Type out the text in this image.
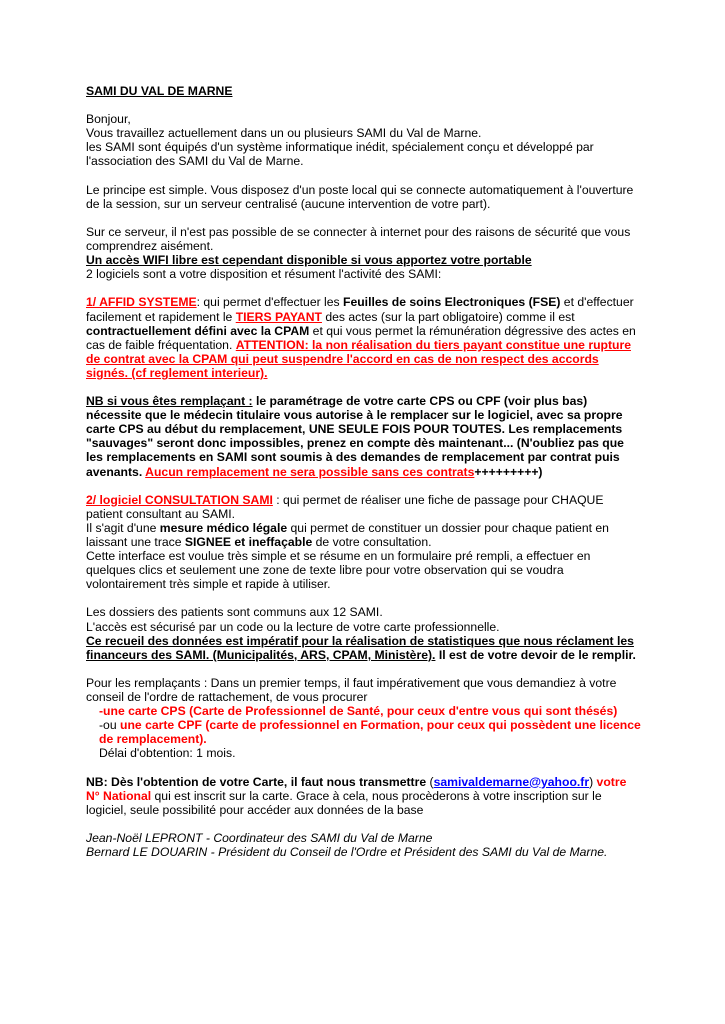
SAMI DU VAL DE MARNE

Bonjour,

Vous travaillez actuellement dans un ou plusieurs SAMI du Val de Marne.

les SAMI sont équipés d'un système informatique inédit, spécialement conçu et développé par l'association des SAMI du Val de Marne.

Le principe est simple. Vous disposez d'un poste local qui se connecte automatiquement à l'ouverture de la session, sur un serveur centralisé (aucune intervention de votre part).

Sur ce serveur, il n'est pas possible de se connecter à internet pour des raisons de sécurité que vous comprendrez aisément.

Un accès WIFI libre est cependant disponible si vous apportez votre portable

2 logiciels sont a votre disposition et résument l'activité des SAMI:

1/ AFFID SYSTEME: qui permet d'effectuer les Feuilles de soins Electroniques (FSE) et d'effectuer facilement et rapidement le TIERS PAYANT des actes (sur la part obligatoire) comme il est contractuellement défini avec la CPAM et qui vous permet la rémunération dégressive des actes en cas de faible fréquentation. ATTENTION: la non réalisation du tiers payant constitue une rupture de contrat avec la CPAM qui peut suspendre l'accord en cas de non respect des accords signés. (cf reglement interieur).

NB si vous êtes remplaçant : le paramétrage de votre carte CPS ou CPF (voir plus bas) nécessite que le médecin titulaire vous autorise à le remplacer sur le logiciel, avec sa propre carte CPS au début du remplacement, UNE SEULE FOIS POUR TOUTES. Les remplacements "sauvages" seront donc impossibles, prenez en compte dès maintenant... (N'oubliez pas que les remplacements en SAMI sont soumis à des demandes de remplacement par contrat puis avenants. Aucun remplacement ne sera possible sans ces contrats+++++++++)

2/ logiciel CONSULTATION SAMI : qui permet de réaliser une fiche de passage pour CHAQUE patient consultant au SAMI.

Il s'agit d'une mesure médico légale qui permet de constituer un dossier pour chaque patient en laissant une trace SIGNEE et ineffaçable de votre consultation.

Cette interface est voulue très simple et se résume en un formulaire pré rempli, a effectuer en quelques clics et seulement une zone de texte libre pour votre observation qui se voudra volontairement très simple et rapide à utiliser.

Les dossiers des patients sont communs aux 12 SAMI.

L'accès est sécurisé par un code ou la lecture de votre carte professionnelle.

Ce recueil des données est impératif pour la réalisation de statistiques que nous réclament les financeurs des SAMI. (Municipalités, ARS, CPAM, Ministère). Il est de votre devoir de le remplir.

Pour les remplaçants : Dans un premier temps, il faut impérativement que vous demandiez à votre conseil de l'ordre de rattachement, de vous procurer

-une carte CPS (Carte de Professionnel de Santé, pour ceux d'entre vous qui sont thésés)

-ou une carte CPF (carte de professionnel en Formation, pour ceux qui possèdent une licence de remplacement).

Délai d'obtention: 1 mois.

NB: Dès l'obtention de votre Carte, il faut nous transmettre (samivaldemarne@yahoo.fr) votre N° National qui est inscrit sur la carte. Grace à cela, nous procèderons à votre inscription sur le logiciel, seule possibilité pour accéder aux données de la base

Jean-Noël LEPRONT - Coordinateur des SAMI du Val de Marne

Bernard LE DOUARIN - Président du Conseil de l'Ordre et Président des SAMI du Val de Marne.
